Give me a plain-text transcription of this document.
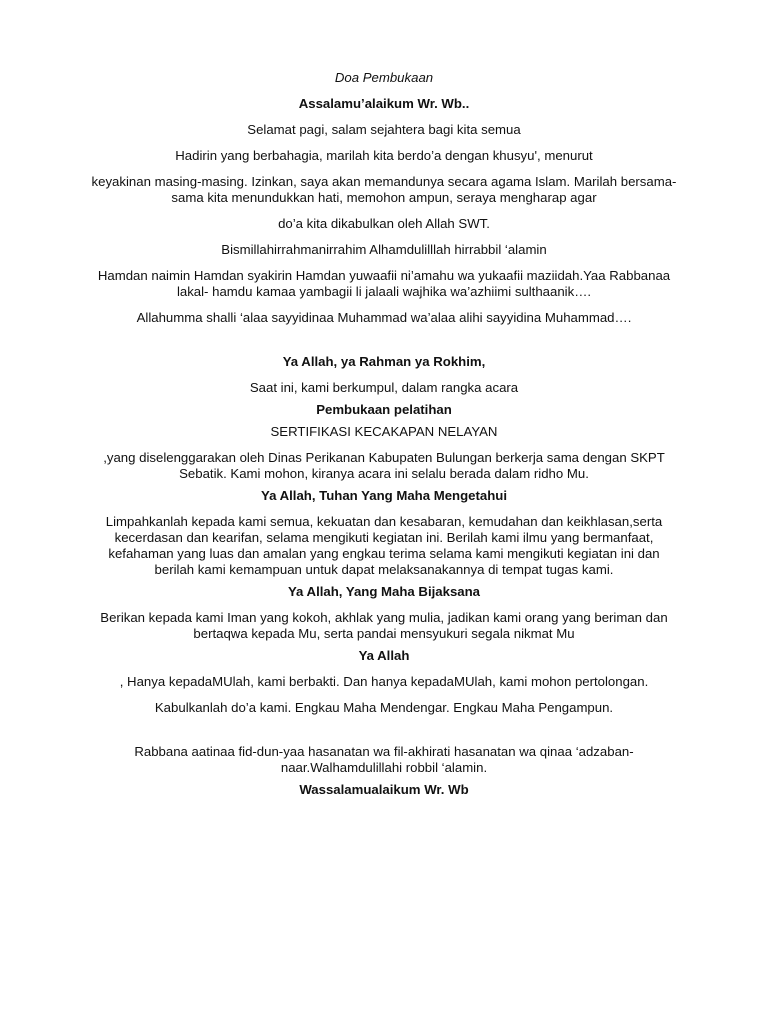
Doa Pembukaan

Assalamu’alaikum Wr. Wb..

Selamat pagi, salam sejahtera bagi kita semua

Hadirin yang berbahagia, marilah kita berdo’a dengan khusyu', menurut

keyakinan masing-masing. Izinkan, saya akan memandunya secara agama Islam. Marilah bersama-sama kita menundukkan hati, memohon ampun, seraya mengharap agar

do’a kita dikabulkan oleh Allah SWT.

Bismillahirrahmanirrahim Alhamdulilllah hirrabbil ‘alamin

Hamdan naimin Hamdan syakirin Hamdan yuwaafii ni’amahu wa yukaafii maziidah.Yaa Rabbanaa lakal- hamdu kamaa yambagii li jalaali wajhika wa’azhiimi sulthaanik….

Allahumma shalli ‘alaa sayyidinaa Muhammad wa’alaa alihi sayyidina Muhammad….

Ya Allah, ya Rahman ya Rokhim,

Saat ini, kami berkumpul, dalam rangka acara

Pembukaan pelatihan

SERTIFIKASI KECAKAPAN NELAYAN

,yang diselenggarakan oleh Dinas Perikanan Kabupaten Bulungan berkerja sama dengan SKPT Sebatik. Kami mohon, kiranya acara ini selalu berada dalam ridho Mu.

Ya Allah, Tuhan Yang Maha Mengetahui

Limpahkanlah kepada kami semua, kekuatan dan kesabaran, kemudahan dan keikhlasan,serta kecerdasan dan kearifan, selama mengikuti kegiatan ini. Berilah kami ilmu yang bermanfaat, kefahaman yang luas dan amalan yang engkau terima selama kami mengikuti kegiatan ini dan berilah kami kemampuan untuk dapat melaksanakannya di tempat tugas kami.

Ya Allah, Yang Maha Bijaksana

Berikan kepada kami Iman yang kokoh, akhlak yang mulia, jadikan kami orang yang beriman dan bertaqwa kepada Mu, serta pandai mensyukuri segala nikmat Mu

Ya Allah

, Hanya kepadaMUlah, kami berbakti. Dan hanya kepadaMUlah, kami mohon pertolongan.

Kabulkanlah do’a kami. Engkau Maha Mendengar. Engkau Maha Pengampun.

Rabbana aatinaa fid-dun-yaa hasanatan wa fil-akhirati hasanatan wa qinaa ‘adzaban-naar.Walhamdulillahi robbil ‘alamin.

Wassalamualaikum Wr. Wb
